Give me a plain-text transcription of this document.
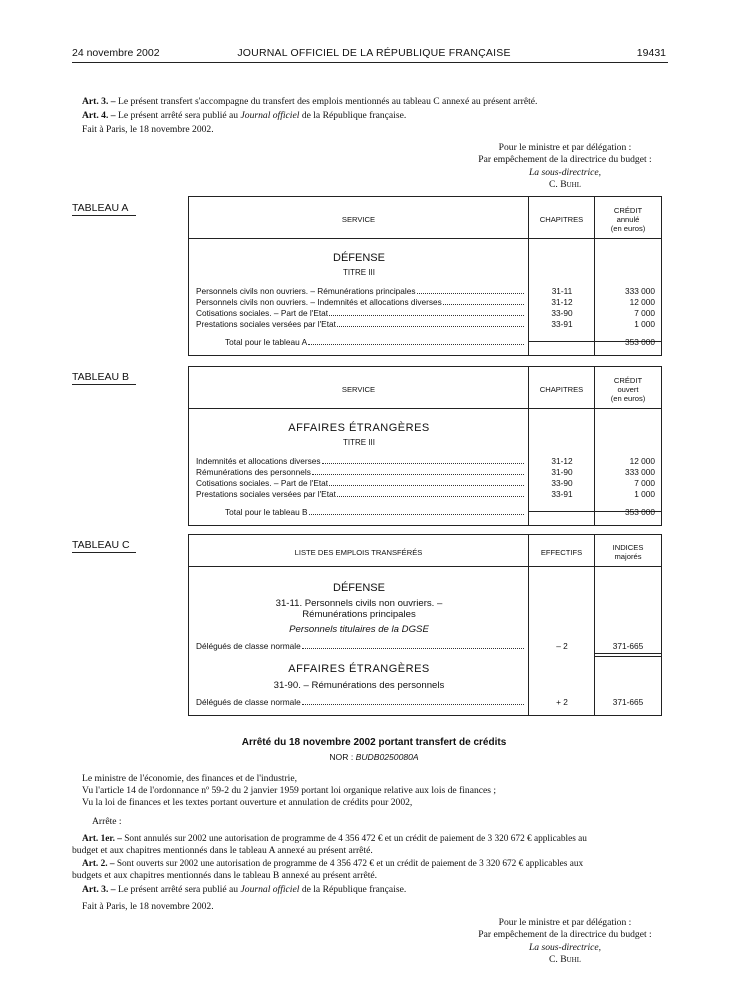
24 novembre 2002	JOURNAL OFFICIEL DE LA RÉPUBLIQUE FRANÇAISE	19431
Art. 3. – Le présent transfert s'accompagne du transfert des emplois mentionnés au tableau C annexé au présent arrêté.
Art. 4. – Le présent arrêté sera publié au Journal officiel de la République française.
Fait à Paris, le 18 novembre 2002.
Pour le ministre et par délégation :
Par empêchement de la directrice du budget :
La sous-directrice,
C. Buhl
TABLEAU A
SERVICE	CHAPITRES
CRÉDIT
annulé
(en euros)
DÉFENSE
TITRE III
Personnels civils non ouvriers. – Rémunérations principales	31-11	333 000
Personnels civils non ouvriers. – Indemnités et allocations diverses	31-12	12 000
Cotisations sociales. – Part de l'Etat	33-90	7 000
Prestations sociales versées par l'Etat	33-91	1 000
Total pour le tableau A	353 000
TABLEAU B
SERVICE	CHAPITRES
CRÉDIT
ouvert
(en euros)
AFFAIRES ÉTRANGÈRES
TITRE III
Indemnités et allocations diverses	31-12	12 000
Rémunérations des personnels	31-90	333 000
Cotisations sociales. – Part de l'Etat	33-90	7 000
Prestations sociales versées par l'Etat	33-91	1 000
Total pour le tableau B	353 000
TABLEAU C
LISTE DES EMPLOIS TRANSFÉRÉS	EFFECTIFS
INDICES
majorés
DÉFENSE
31-11. Personnels civils non ouvriers. –
Rémunérations principales
Personnels titulaires de la DGSE
Délégués de classe normale	– 2	371-665
AFFAIRES ÉTRANGÈRES
31-90. – Rémunérations des personnels
Délégués de classe normale	+ 2	371-665
Arrêté du 18 novembre 2002 portant transfert de crédits
NOR : BUDB0250080A
Le ministre de l'économie, des finances et de l'industrie,
Vu l'article 14 de l'ordonnance nº 59-2 du 2 janvier 1959 portant loi organique relative aux lois de finances ;
Vu la loi de finances et les textes portant ouverture et annulation de crédits pour 2002,
Arrête :
Art. 1er. – Sont annulés sur 2002 une autorisation de programme de 4 356 472 € et un crédit de paiement de 3 320 672 € applicables au
budget et aux chapitres mentionnés dans le tableau A annexé au présent arrêté.
Art. 2. – Sont ouverts sur 2002 une autorisation de programme de 4 356 472 € et un crédit de paiement de 3 320 672 € applicables aux
budgets et aux chapitres mentionnés dans le tableau B annexé au présent arrêté.
Art. 3. – Le présent arrêté sera publié au Journal officiel de la République française.
Fait à Paris, le 18 novembre 2002.
Pour le ministre et par délégation :
Par empêchement de la directrice du budget :
La sous-directrice,
C. Buhl
